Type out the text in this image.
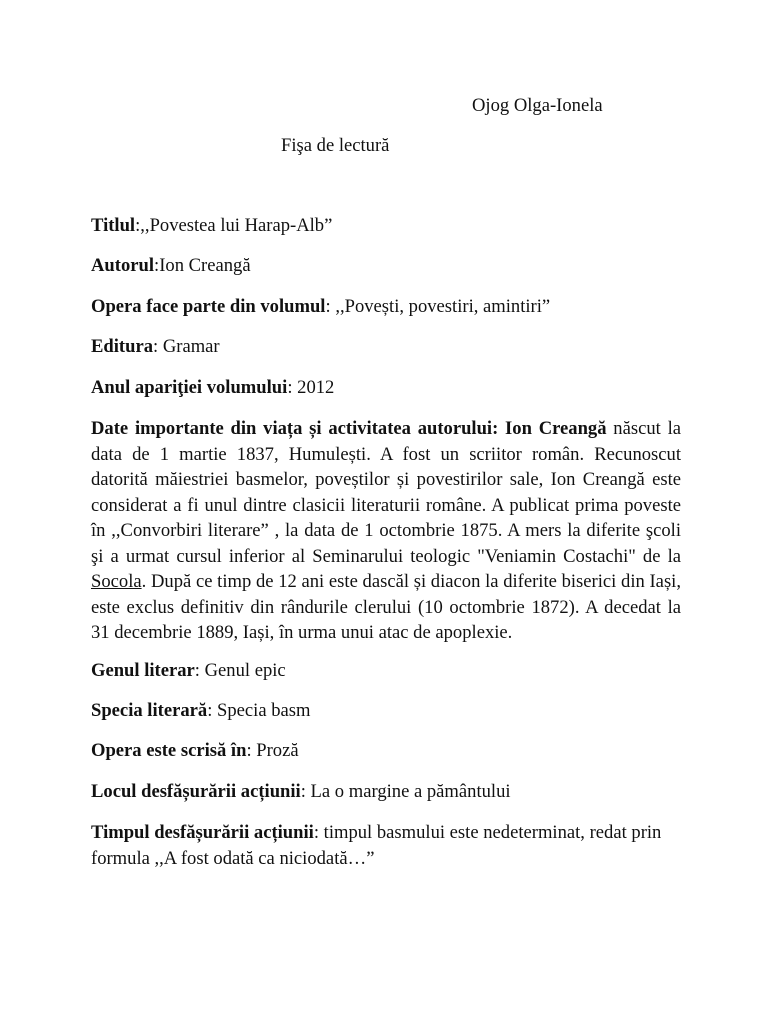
Ojog Olga-Ionela
Fişa de lectură

Titlul:,,Povestea lui Harap-Alb”

Autorul:Ion Creangă

Opera face parte din volumul: ,,Povești, povestiri, amintiri”

Editura: Gramar

Anul apariţiei volumului: 2012

Date importante din viața și activitatea autorului: Ion Creangă născut la data de 1 martie 1837, Humulești. A fost un scriitor român. Recunoscut datorită măiestriei basmelor, poveștilor și povestirilor sale, Ion Creangă este considerat a fi unul dintre clasicii literaturii române. A publicat prima poveste în ,,Convorbiri literare” , la data de 1 octombrie 1875. A mers la diferite şcoli şi a urmat cursul inferior al Seminarului teologic "Veniamin Costachi" de la Socola. După ce timp de 12 ani este dascăl și diacon la diferite biserici din Iași, este exclus definitiv din rândurile clerului (10 octombrie 1872). A decedat la 31 decembrie 1889, Iași, în urma unui atac de apoplexie.

Genul literar: Genul epic

Specia literară: Specia basm

Opera este scrisă în: Proză

Locul desfășurării acțiunii: La o margine a pământului

Timpul desfășurării acțiunii: timpul basmului este nedeterminat, redat prin formula ,,A fost odată ca niciodată…”
